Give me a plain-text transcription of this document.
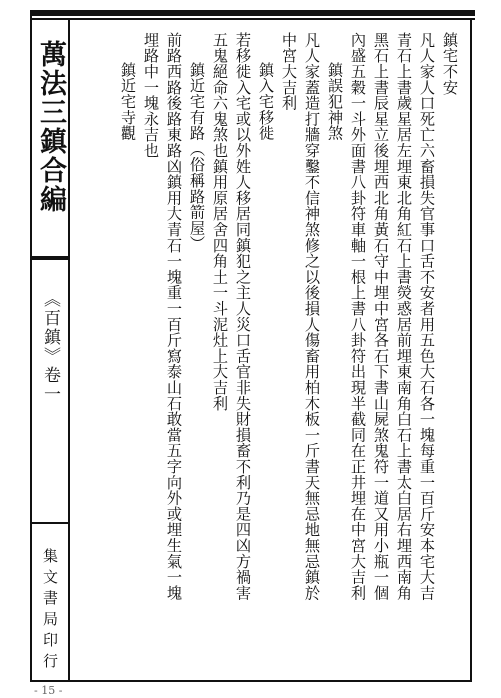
萬法三鎮合編
《百鎮》卷一
集文書局印行
鎮宅不安
凡人家人口死亡六畜損失官事口舌不安者用五色大石各一塊每重一百斤安本宅大吉
青石上書歲星居左埋東北角紅石上書熒惑居前埋東南角白石上書太白居右埋西南角
黑石上書辰星立後埋西北角黃石守中埋中宮各石下書山屍煞鬼符一道又用小瓶一個
內盛五穀一斗外面書八卦符車軸一根上書八卦符出現半截同在正井埋在中宮大吉利
鎮誤犯神煞
凡人家蓋造打牆穿鑿不信神煞修之以後損人傷畜用柏木板一斤書天無忌地無忌鎮於
中宮大吉利
鎮入宅移徙
若移徙入宅或以外姓人移居同鎮犯之主人災口舌官非失財損畜不利乃是四凶方禍害
五鬼絕命六鬼煞也鎮用原居舍四角土一斗泥灶上大吉利
鎮近宅有路（俗稱路箭屋）
前路西路後路東路凶鎮用大青石一塊重一百斤寫泰山石敢當五字向外或埋生氣一塊
埋路中一塊永吉也
鎮近宅寺觀
- 15 -
